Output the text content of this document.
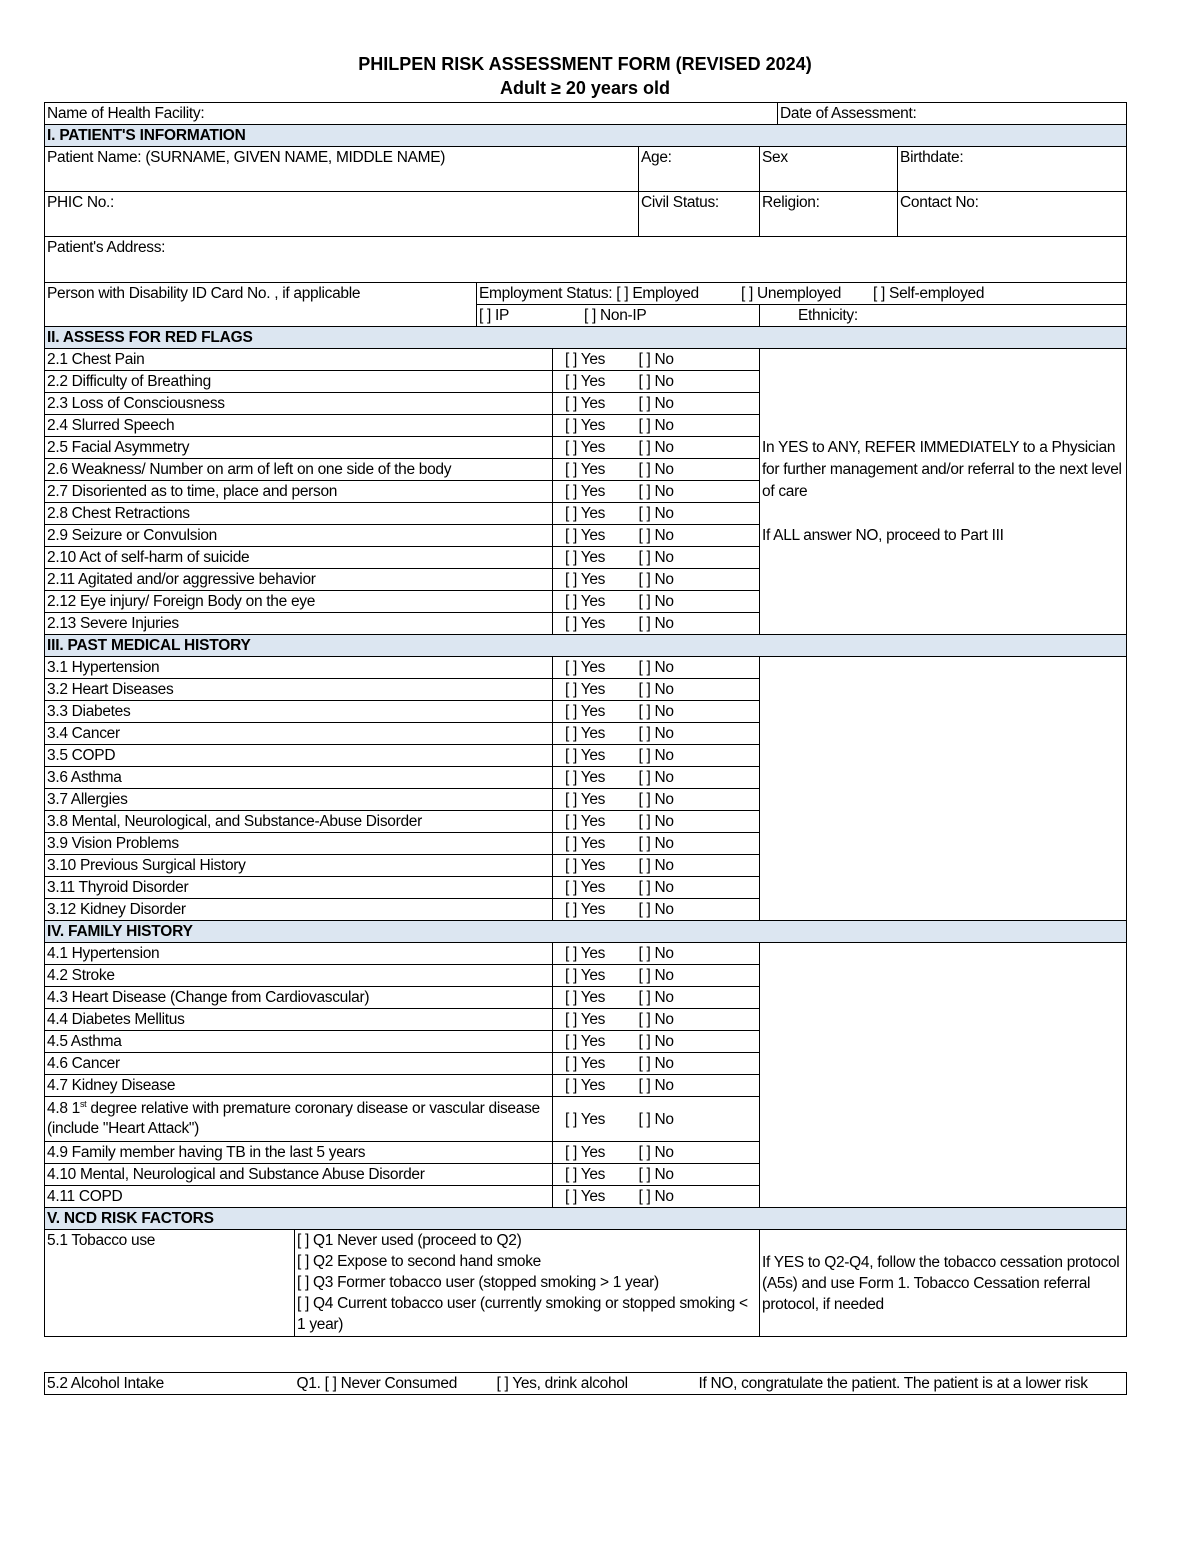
PHILPEN RISK ASSESSMENT FORM (REVISED 2024)
Adult ≥ 20 years old
Name of Health Facility:						Date of Assessment:	
I. PATIENT'S INFORMATION							
Patient Name: (SURNAME, GIVEN NAME, MIDDLE NAME)				Age:	Sex		Birthdate:
PHIC No.:				Civil Status:	Religion:		Contact No:
Patient's Address:							
Person with Disability ID Card No. , if applicable		Employment Status: [ ] Employed [ ] Unemployed [ ] Self-employed					

		[ ] IP [ ] Non-IP			Ethnicity:		
II. ASSESS FOR RED FLAGS							
2.1 Chest Pain			[ ] Yes	[ ] No	In YES to ANY, REFER IMMEDIATELY to a Physician for further management and/or referral to the next level of care
If ALL answer NO, proceed to Part III		

2.2 Difficulty of Breathing			[ ] Yes	[ ] No			
2.3 Loss of Consciousness			[ ] Yes	[ ] No			
2.4 Slurred Speech			[ ] Yes	[ ] No			
2.5 Facial Asymmetry			[ ] Yes	[ ] No			
2.6 Weakness/ Number on arm of left on one side of the body			[ ] Yes	[ ] No			
2.7 Disoriented as to time, place and person			[ ] Yes	[ ] No			
2.8 Chest Retractions			[ ] Yes	[ ] No			
2.9 Seizure or Convulsion			[ ] Yes	[ ] No			
2.10 Act of self-harm of suicide			[ ] Yes	[ ] No			
2.11 Agitated and/or aggressive behavior			[ ] Yes	[ ] No			
2.12 Eye injury/ Foreign Body on the eye			[ ] Yes	[ ] No			
2.13 Severe Injuries			[ ] Yes	[ ] No			
III. PAST MEDICAL HISTORY							
3.1 Hypertension			[ ] Yes	[ ] No			
3.2 Heart Diseases			[ ] Yes	[ ] No			
3.3 Diabetes			[ ] Yes	[ ] No			
3.4 Cancer			[ ] Yes	[ ] No			
3.5 COPD			[ ] Yes	[ ] No			
3.6 Asthma			[ ] Yes	[ ] No			
3.7 Allergies			[ ] Yes	[ ] No			
3.8 Mental, Neurological, and Substance-Abuse Disorder			[ ] Yes	[ ] No			
3.9 Vision Problems			[ ] Yes	[ ] No			
3.10 Previous Surgical History			[ ] Yes	[ ] No			
3.11 Thyroid Disorder			[ ] Yes	[ ] No			
3.12 Kidney Disorder			[ ] Yes	[ ] No			
IV. FAMILY HISTORY							
4.1 Hypertension			[ ] Yes	[ ] No			
4.2 Stroke			[ ] Yes	[ ] No			
4.3 Heart Disease (Change from Cardiovascular)			[ ] Yes	[ ] No			
4.4 Diabetes Mellitus			[ ] Yes	[ ] No			
4.5 Asthma			[ ] Yes	[ ] No			
4.6 Cancer			[ ] Yes	[ ] No			
4.7 Kidney Disease			[ ] Yes	[ ] No			
4.8 1st degree relative with premature coronary disease or vascular disease (include "Heart Attack")			[ ] Yes	[ ] No			
4.9 Family member having TB in the last 5 years			[ ] Yes	[ ] No			
4.10 Mental, Neurological and Substance Abuse Disorder			[ ] Yes	[ ] No			
4.11 COPD			[ ] Yes	[ ] No			
V. NCD RISK FACTORS							
5.1 Tobacco use	[ ] Q1 Never used (proceed to Q2)
[ ] Q2 Expose to second hand smoke
[ ] Q3 Former tobacco user (stopped smoking > 1 year)
[ ] Q4 Current tobacco user (currently smoking or stopped smoking < 1 year)				If YES to Q2-Q4, follow the tobacco cessation protocol (A5s) and use Form 1. Tobacco Cessation referral protocol, if needed		
5.2 Alcohol Intake	Q1. [ ] Never Consumed	[ ] Yes, drink alcohol	If NO, congratulate the patient. The patient is at a lower risk
